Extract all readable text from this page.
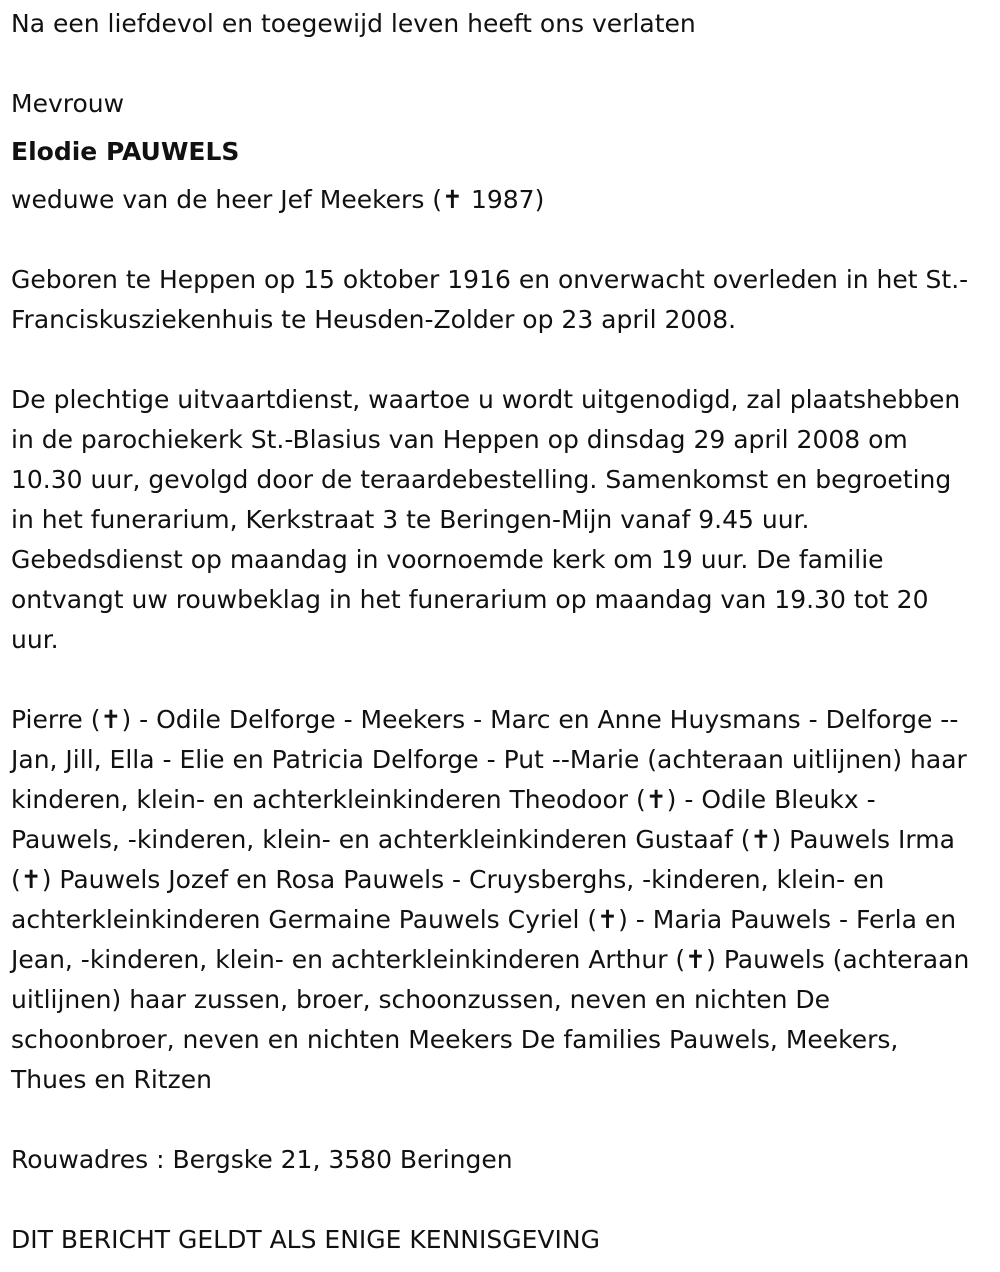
Na een liefdevol en toegewijd leven heeft ons verlaten

Mevrouw

Elodie PAUWELS

weduwe van de heer Jef Meekers (✝ 1987)

Geboren te Heppen op 15 oktober 1916 en onverwacht overleden in het St.-Franciskusziekenhuis te Heusden-Zolder op 23 april 2008.

De plechtige uitvaartdienst, waartoe u wordt uitgenodigd, zal plaatshebben in de parochiekerk St.-Blasius van Heppen op dinsdag 29 april 2008 om 10.30 uur, gevolgd door de teraardebestelling. Samenkomst en begroeting in het funerarium, Kerkstraat 3 te Beringen-Mijn vanaf 9.45 uur. Gebedsdienst op maandag in voornoemde kerk om 19 uur. De familie ontvangt uw rouwbeklag in het funerarium op maandag van 19.30 tot 20 uur.

Pierre (✝) - Odile Delforge - Meekers - Marc en Anne Huysmans - Delforge --Jan, Jill, Ella - Elie en Patricia Delforge - Put --Marie (achteraan uitlijnen) haar kinderen, klein- en achterkleinkinderen Theodoor (✝) - Odile Bleukx - Pauwels, -kinderen, klein- en achterkleinkinderen Gustaaf (✝) Pauwels Irma (✝) Pauwels Jozef en Rosa Pauwels - Cruysberghs, -kinderen, klein- en achterkleinkinderen Germaine Pauwels Cyriel (✝) - Maria Pauwels - Ferla en Jean, -kinderen, klein- en achterkleinkinderen Arthur (✝) Pauwels (achteraan uitlijnen) haar zussen, broer, schoonzussen, neven en nichten De schoonbroer, neven en nichten Meekers De families Pauwels, Meekers, Thues en Ritzen

Rouwadres : Bergske 21, 3580 Beringen

DIT BERICHT GELDT ALS ENIGE KENNISGEVING
